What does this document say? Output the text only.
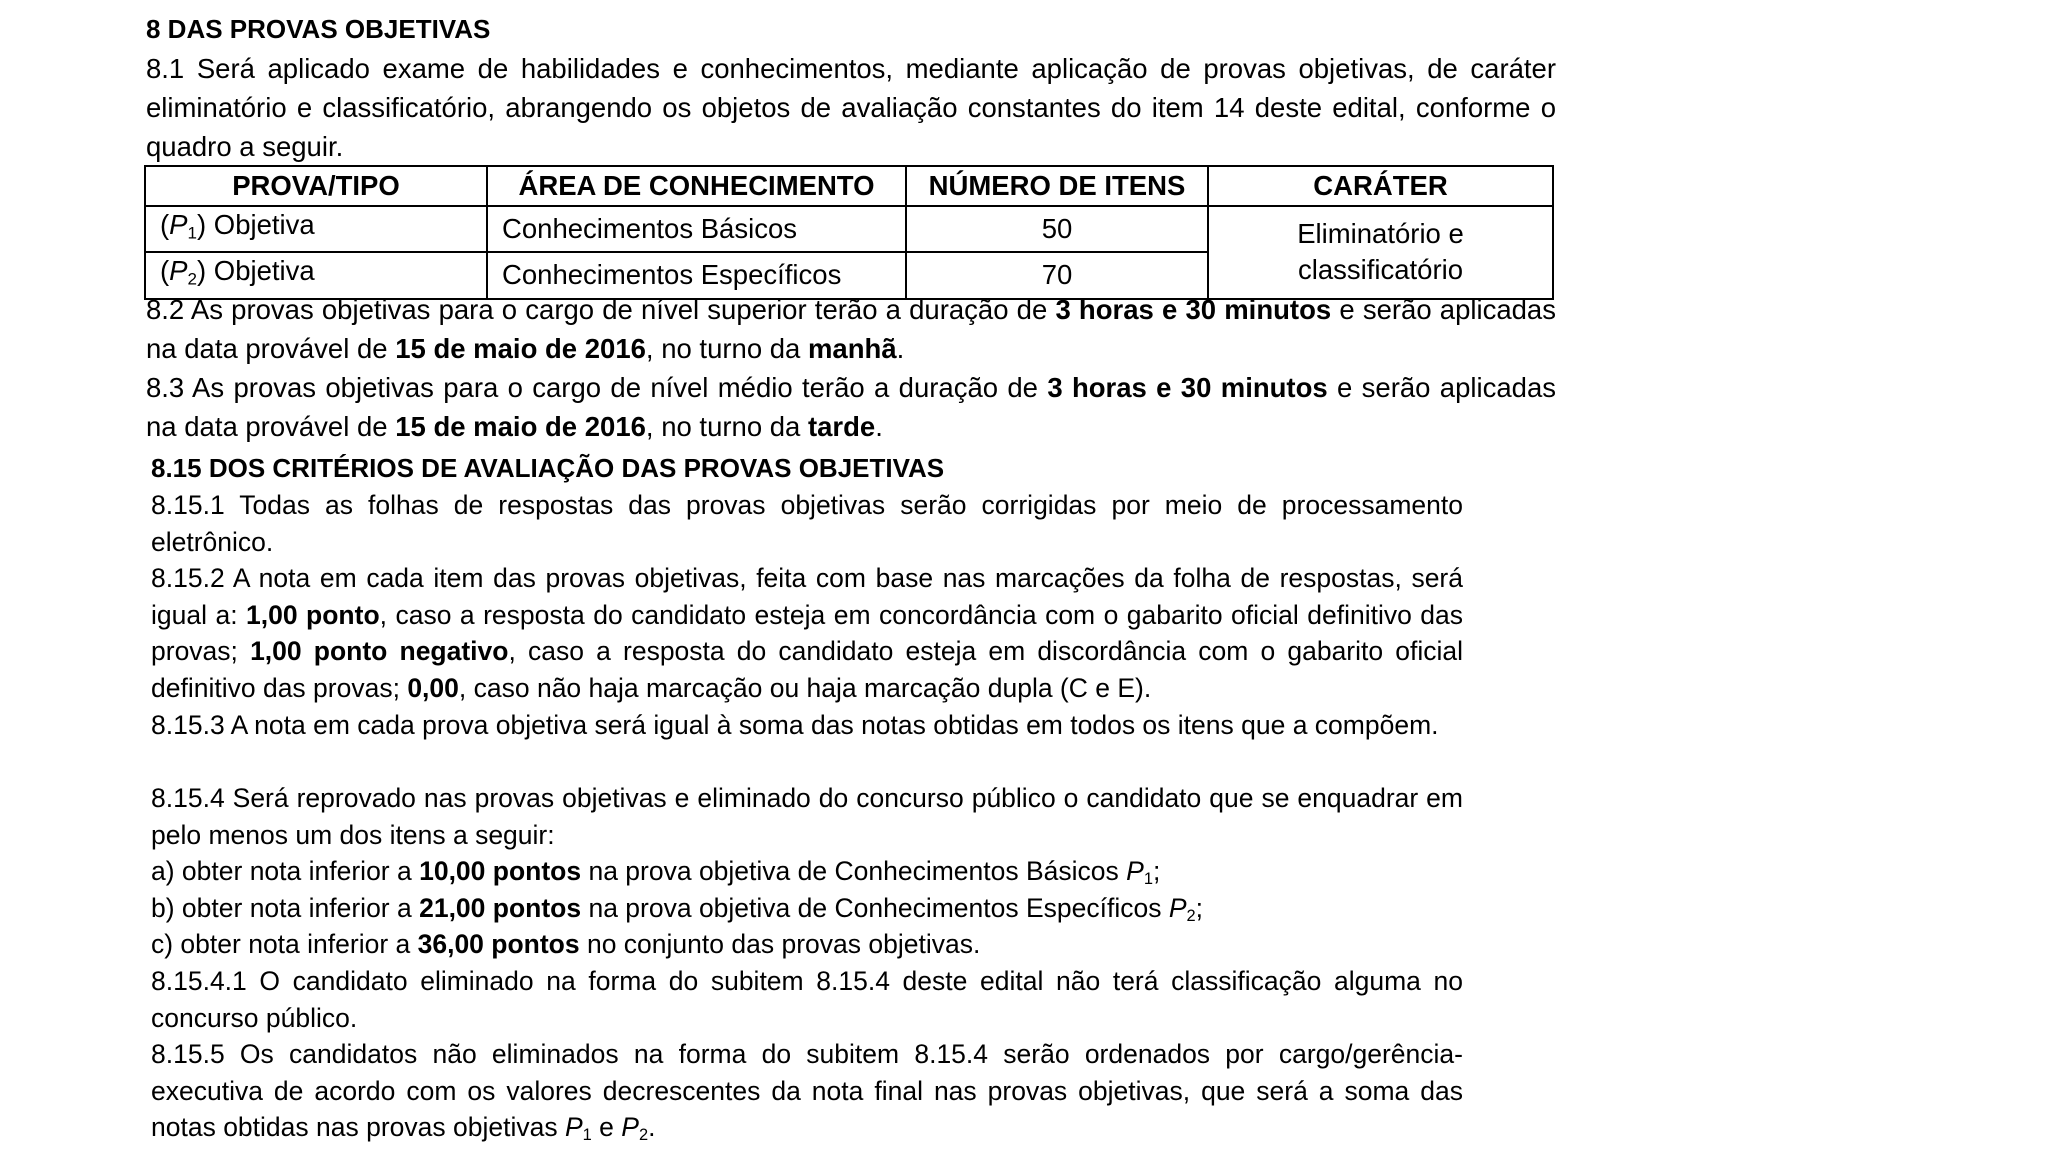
8 DAS PROVAS OBJETIVAS

8.1 Será aplicado exame de habilidades e conhecimentos, mediante aplicação de provas objetivas, de caráter eliminatório e classificatório, abrangendo os objetos de avaliação constantes do item 14 deste edital, conforme o quadro a seguir.

PROVA/TIPO	ÁREA DE CONHECIMENTO	NÚMERO DE ITENS	CARÁTER
$(P_1)$ Objetiva	Conhecimentos Básicos	50	Eliminatório e
classificatório
$(P_2)$ Objetiva	Conhecimentos Específicos	70	

8.2 As provas objetivas para o cargo de nível superior terão a duração de 3 horas e 30 minutos e serão aplicadas na data provável de 15 de maio de 2016, no turno da manhã.

8.3 As provas objetivas para o cargo de nível médio terão a duração de 3 horas e 30 minutos e serão aplicadas na data provável de 15 de maio de 2016, no turno da tarde.

8.15 DOS CRITÉRIOS DE AVALIAÇÃO DAS PROVAS OBJETIVAS

8.15.1 Todas as folhas de respostas das provas objetivas serão corrigidas por meio de processamento eletrônico.

8.15.2 A nota em cada item das provas objetivas, feita com base nas marcações da folha de respostas, será igual a: 1,00 ponto, caso a resposta do candidato esteja em concordância com o gabarito oficial definitivo das provas; 1,00 ponto negativo, caso a resposta do candidato esteja em discordância com o gabarito oficial definitivo das provas; 0,00, caso não haja marcação ou haja marcação dupla (C e E).

8.15.3 A nota em cada prova objetiva será igual à soma das notas obtidas em todos os itens que a compõem.

8.15.4 Será reprovado nas provas objetivas e eliminado do concurso público o candidato que se enquadrar em pelo menos um dos itens a seguir:

a) obter nota inferior a 10,00 pontos na prova objetiva de Conhecimentos Básicos $P_1$;

b) obter nota inferior a 21,00 pontos na prova objetiva de Conhecimentos Específicos $P_2$;

c) obter nota inferior a 36,00 pontos no conjunto das provas objetivas.

8.15.4.1 O candidato eliminado na forma do subitem 8.15.4 deste edital não terá classificação alguma no concurso público.

8.15.5 Os candidatos não eliminados na forma do subitem 8.15.4 serão ordenados por cargo/gerência-executiva de acordo com os valores decrescentes da nota final nas provas objetivas, que será a soma das notas obtidas nas provas objetivas $P_1$ e $P_2$.
